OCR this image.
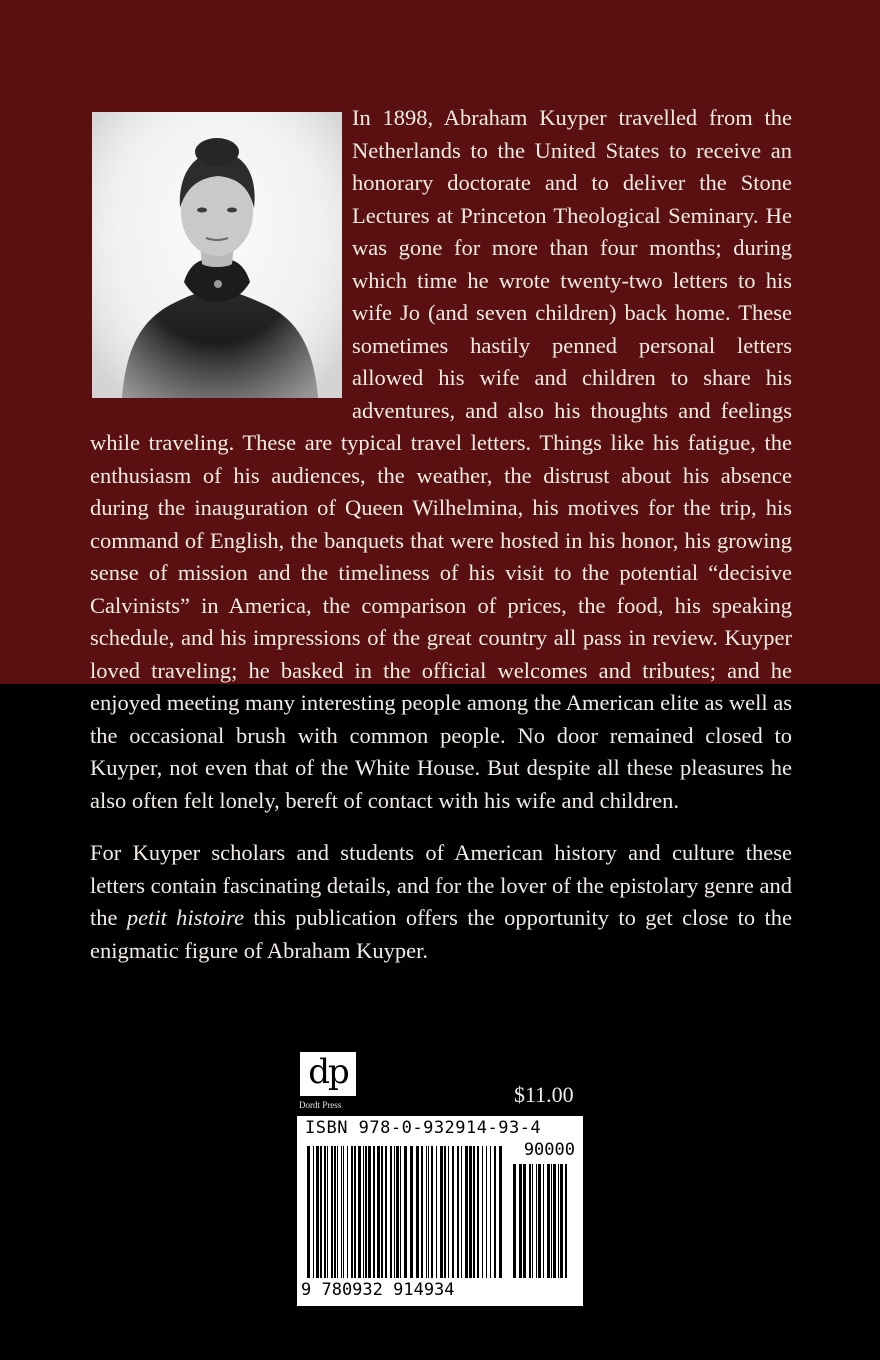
In 1898, Abraham Kuyper travelled from the Netherlands to the United States to receive an honorary doctorate and to deliver the Stone Lectures at Princeton Theological Seminary. He was gone for more than four months; during which time he wrote twenty-two letters to his wife Jo (and seven children) back home. These sometimes hastily penned personal letters allowed his wife and children to share his adventures, and also his thoughts and feelings while traveling. These are typical travel letters. Things like his fatigue, the enthusiasm of his audiences, the weather, the distrust about his absence during the inauguration of Queen Wilhelmina, his motives for the trip, his command of English, the banquets that were hosted in his honor, his growing sense of mission and the timeliness of his visit to the potential “decisive Calvinists” in America, the comparison of prices, the food, his speaking schedule, and his impressions of the great country all pass in review. Kuyper loved traveling; he basked in the official welcomes and tributes; and he enjoyed meeting many interesting people among the American elite as well as the occasional brush with common people. No door remained closed to Kuyper, not even that of the White House. But despite all these pleasures he also often felt lonely, bereft of contact with his wife and children.

For Kuyper scholars and students of American history and culture these letters contain fascinating details, and for the lover of the epistolary genre and the petit histoire this publication offers the opportunity to get close to the enigmatic figure of Abraham Kuyper.

dp
Dordt Press	$11.00
ISBN 978-0-932914-93-4
90000
9 780932 914934
